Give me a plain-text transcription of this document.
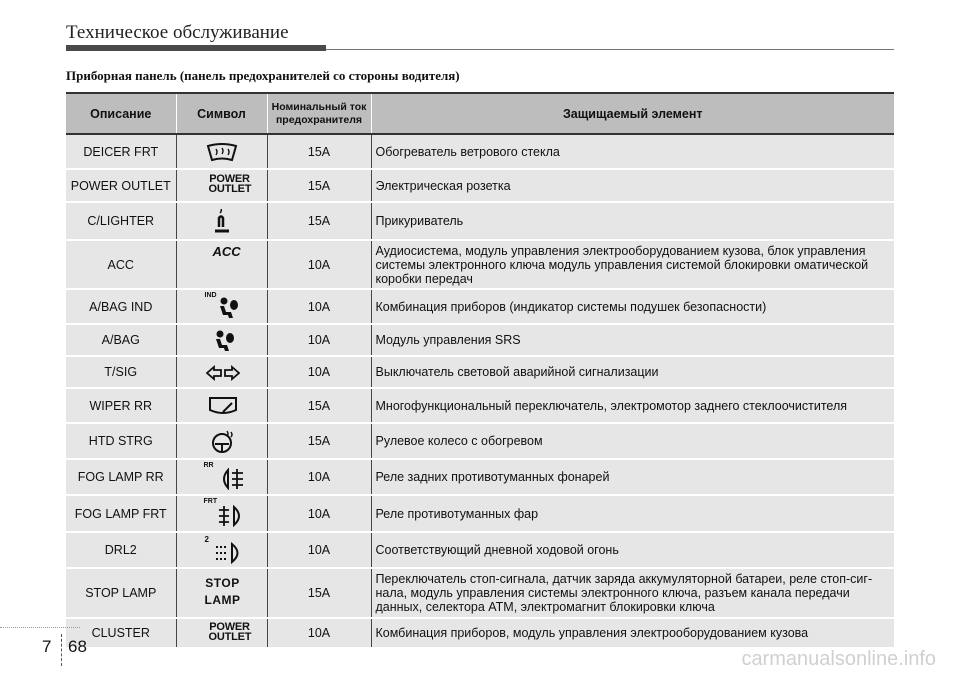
Техническое обслуживание
Приборная панель (панель предохранителей со стороны водителя)
Описание	Символ	Номинальный ток предохранителя	Защищаемый элемент
DEICER FRT		15A	Обогреватель ветрового стекла
POWER OUTLET	POWER OUTLET	15A	Электрическая розетка
C/LIGHTER		15A	Прикуриватель
ACC	ACC	10A	Аудиосистема, модуль управления электрооборудованием кузова, блок управления системы электронного ключа модуль управления системой блокировки оматической коробки передач
A/BAG IND	IND	10A	Комбинация приборов (индикатор системы подушек безопасности)
A/BAG		10A	Модуль управления SRS
T/SIG		10A	Выключатель световой аварийной сигнализации
WIPER RR		15A	Многофункциональный переключатель, электромотор заднего стеклоочистителя
HTD STRG		15A	Рулевое колесо с обогревом
FOG LAMP RR	RR	10A	Реле задних противотуманных фонарей
FOG LAMP FRT	FRT	10A	Реле противотуманных фар
DRL2	2	10A	Соответствующий дневной ходовой огонь
STOP LAMP	STOP LAMP	15A	Переключатель стоп-сигнала, датчик заряда аккумуляторной батареи, реле стоп-сиг-нала, модуль управления системы электронного ключа, разъем канала передачи данных, селектора АТМ, электромагнит блокировки ключа
CLUSTER	POWER OUTLET	10A	Комбинация приборов, модуль управления электрооборудованием кузова
7 68
carmanualsonline.info
